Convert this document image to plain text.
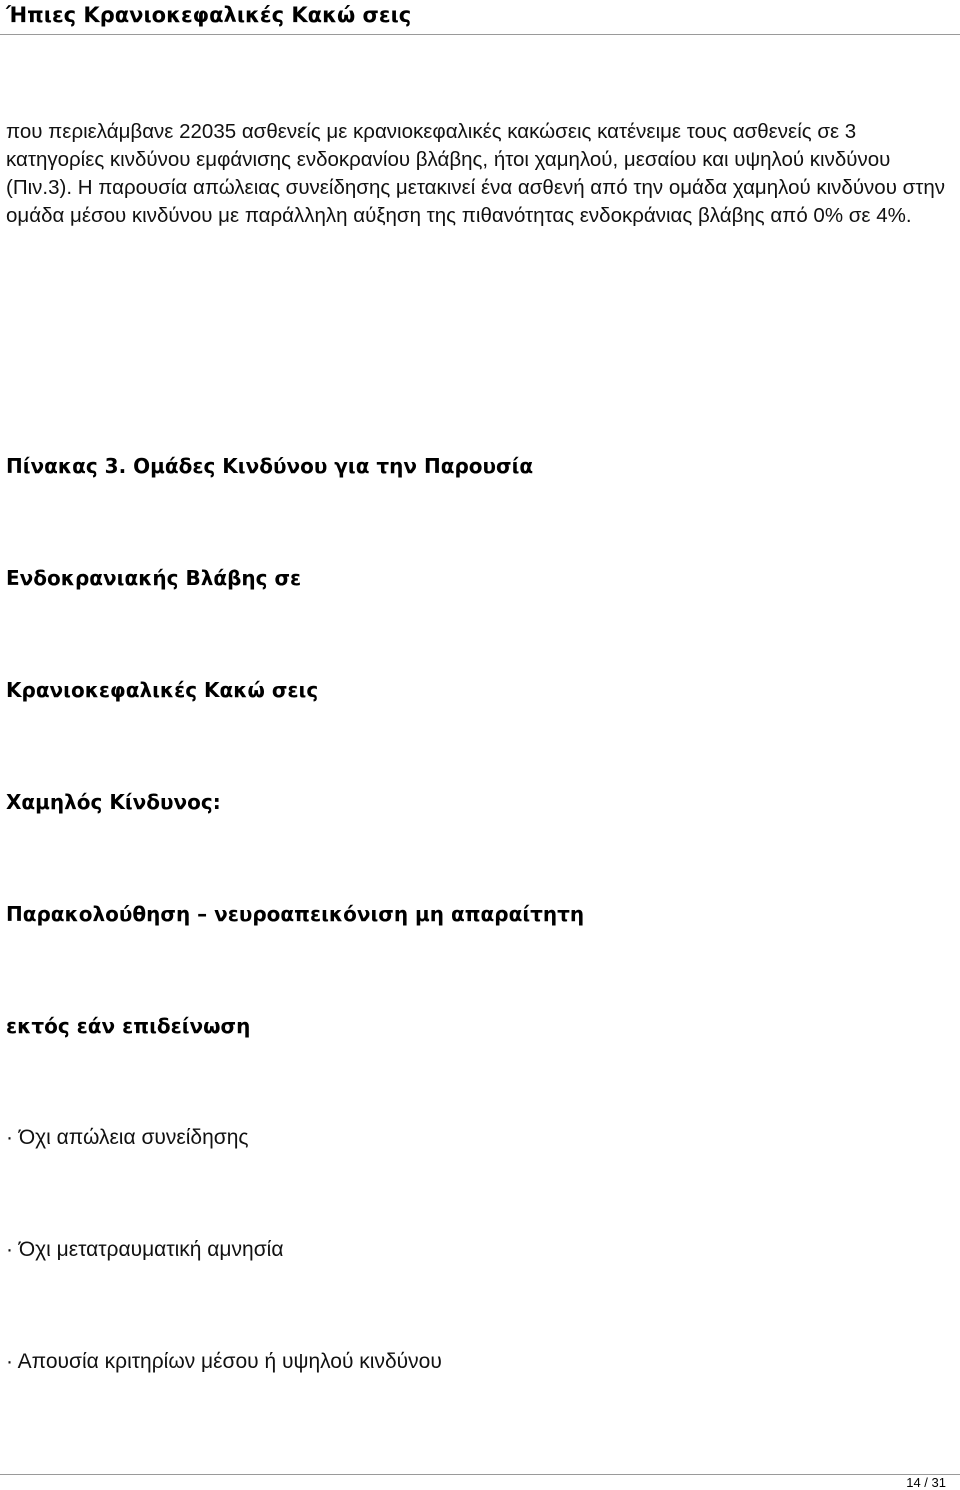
Ήπιες Κρανιοκεφαλικές Κακώ σεις

που περιελάμβανε 22035 ασθενείς με κρανιοκεφαλικές κακώσεις κατένειμε τους ασθενείς σε 3 κατηγορίες κινδύνου εμφάνισης ενδοκρανίου βλάβης, ήτοι χαμηλού, μεσαίου και υψηλού κινδύνου (Πιν.3). Η παρουσία απώλειας συνείδησης μετακινεί ένα ασθενή από την ομάδα χαμηλού κινδύνου στην ομάδα μέσου κινδύνου με παράλληλη αύξηση της πιθανότητας ενδοκράνιας βλάβης από 0% σε 4%.

Πίνακας 3. Ομάδες Κινδύνου για την Παρουσία

Ενδοκρανιακής Βλάβης σε

Κρανιοκεφαλικές Κακώ σεις

Χαμηλός Κίνδυνος:

Παρακολούθηση – νευροαπεικόνιση μη απαραίτητη

εκτός εάν επιδείνωση

· Όχι απώλεια συνείδησης

· Όχι μετατραυματική αμνησία

· Απουσία κριτηρίων μέσου ή υψηλού κινδύνου

14 / 31
